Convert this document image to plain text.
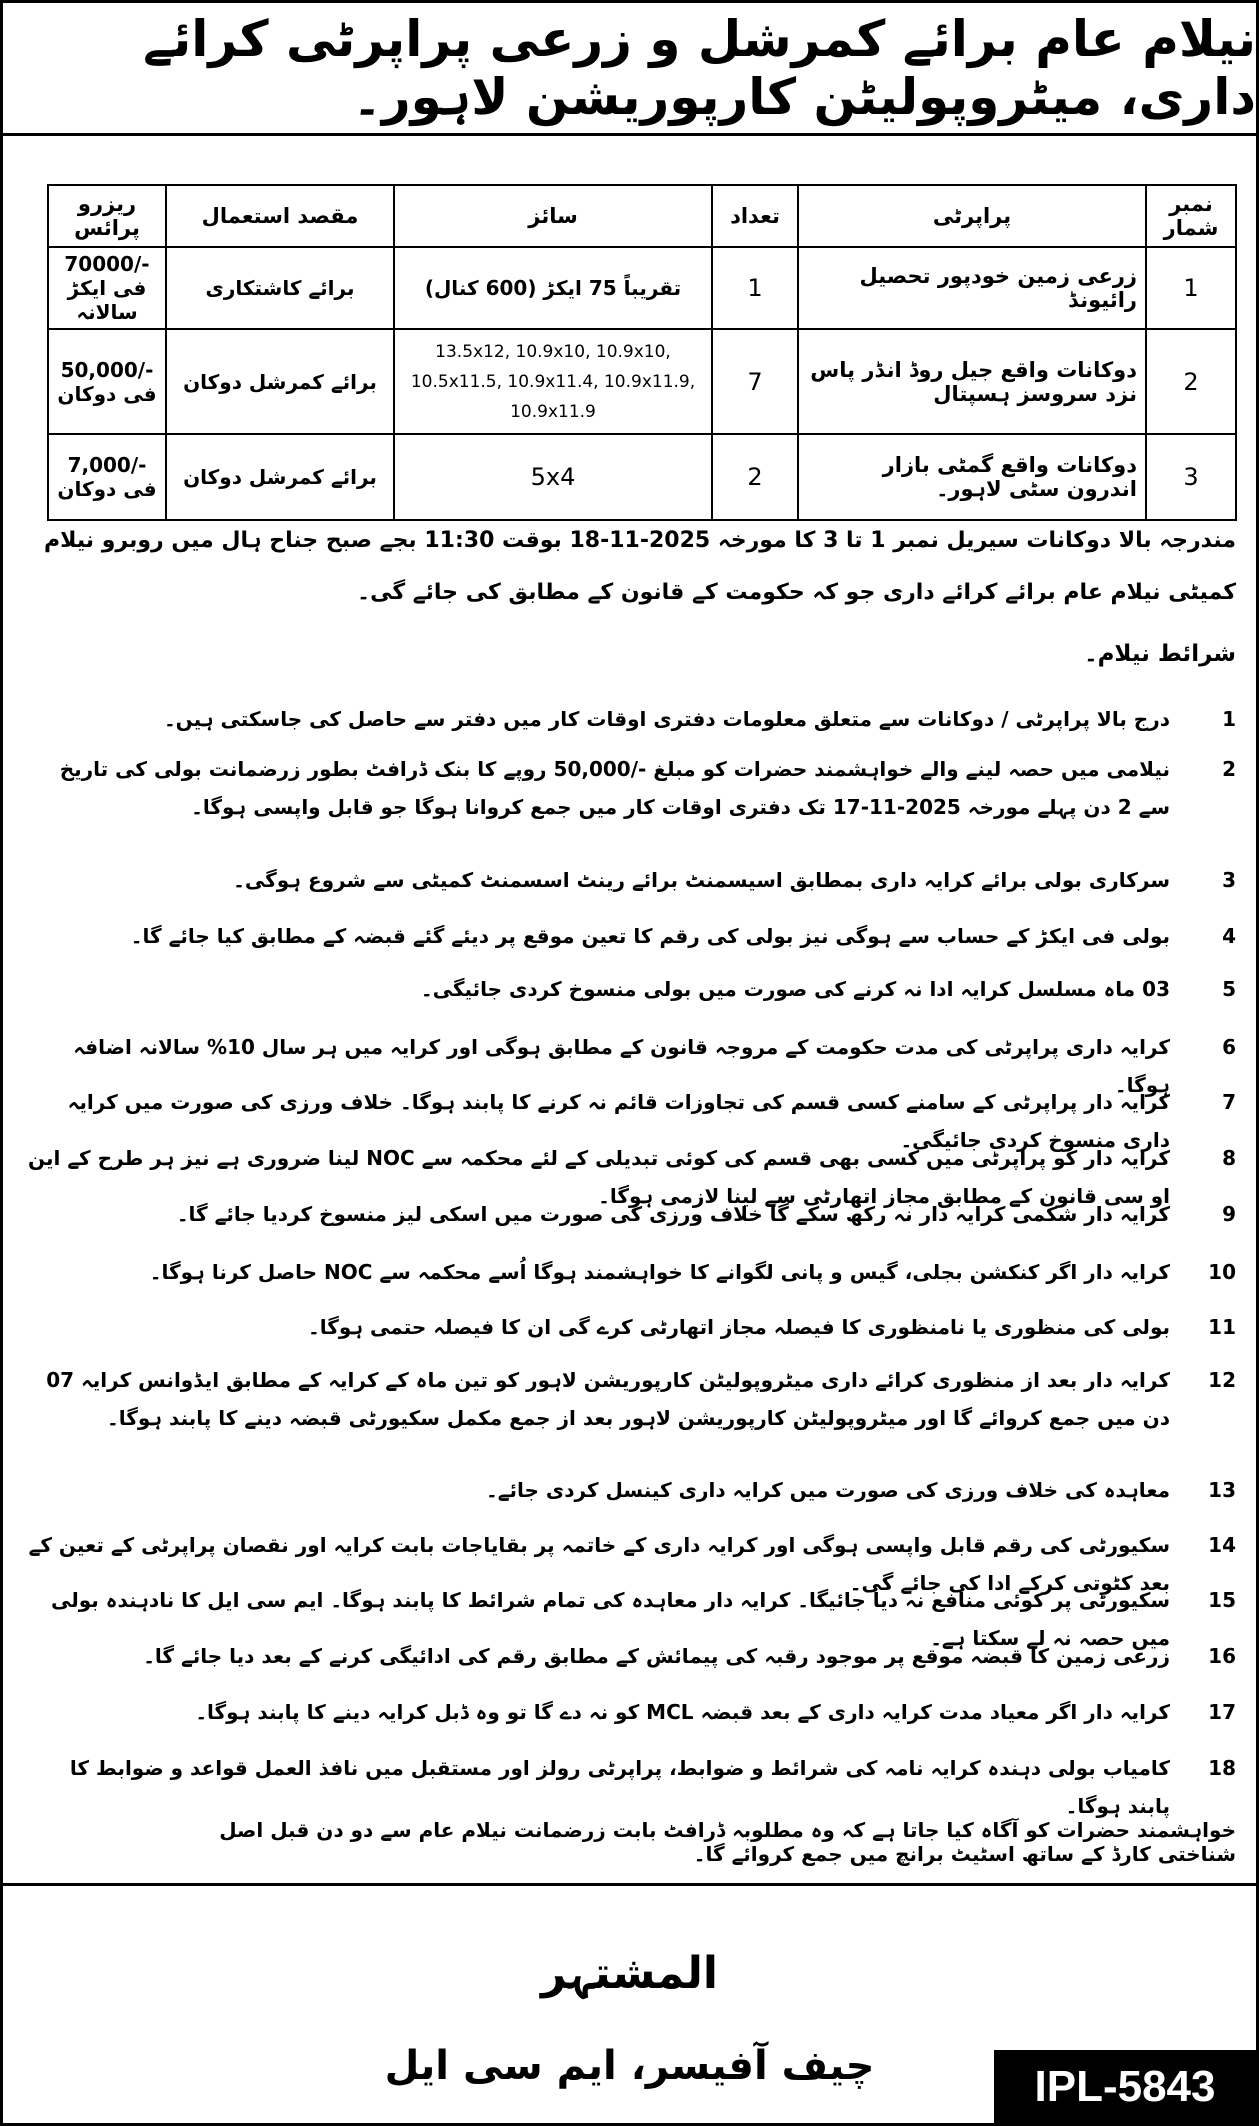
نیلام عام برائے کمرشل و زرعی پراپرٹی کرائے داری، میٹروپولیٹن کارپوریشن لاہور۔
نمبر شمار	پراپرٹی	تعداد	سائز	مقصد استعمال	ریزرو پرائس
1	زرعی زمین خودپور تحصیل رائیونڈ	1	تقریباً 75 ایکڑ (600 کنال)	برائے کاشتکاری	-/70000 فی ایکڑ سالانہ
2	دوکانات واقع جیل روڈ انڈر پاس نزد سروسز ہسپتال	7	13.5x12, 10.9x10, 10.9x10, 10.5x11.5, 10.9x11.4, 10.9x11.9, 10.9x11.9	برائے کمرشل دوکان	-/50,000 فی دوکان
3	دوکانات واقع گمٹی بازار اندرون سٹی لاہور۔	2	5x4	برائے کمرشل دوکان	-/7,000 فی دوکان
مندرجہ بالا دوکانات سیریل نمبر 1 تا 3 کا مورخہ 2025-11-18 بوقت 11:30 بجے صبح جناح ہال میں روبرو نیلام کمیٹی نیلام عام برائے کرائے داری جو کہ حکومت کے قانون کے مطابق کی جائے گی۔
شرائط نیلام۔
1
درج بالا پراپرٹی / دوکانات سے متعلق معلومات دفتری اوقات کار میں دفتر سے حاصل کی جاسکتی ہیں۔
2
نیلامی میں حصہ لینے والے خواہشمند حضرات کو مبلغ -/50,000 روپے کا بنک ڈرافٹ بطور زرضمانت بولی کی تاریخ سے 2 دن پہلے مورخہ 2025-11-17 تک دفتری اوقات کار میں جمع کروانا ہوگا جو قابل واپسی ہوگا۔
3
سرکاری بولی برائے کرایہ داری بمطابق اسیسمنٹ برائے رینٹ اسسمنٹ کمیٹی سے شروع ہوگی۔
4
بولی فی ایکڑ کے حساب سے ہوگی نیز بولی کی رقم کا تعین موقع پر دیئے گئے قبضہ کے مطابق کیا جائے گا۔
5
03 ماہ مسلسل کرایہ ادا نہ کرنے کی صورت میں بولی منسوخ کردی جائیگی۔
6
کرایہ داری پراپرٹی کی مدت حکومت کے مروجہ قانون کے مطابق ہوگی اور کرایہ میں ہر سال 10% سالانہ اضافہ ہوگا۔
7
کرایہ دار پراپرٹی کے سامنے کسی قسم کی تجاوزات قائم نہ کرنے کا پابند ہوگا۔ خلاف ورزی کی صورت میں کرایہ داری منسوخ کردی جائیگی۔
8
کرایہ دار کو پراپرٹی میں کسی بھی قسم کی کوئی تبدیلی کے لئے محکمہ سے NOC لینا ضروری ہے نیز ہر طرح کے این او سی قانون کے مطابق مجاز اتھارٹی سے لینا لازمی ہوگا۔
9
کرایہ دار شکمی کرایہ دار نہ رکھ سکے گا خلاف ورزی کی صورت میں اسکی لیز منسوخ کردیا جائے گا۔
10
کرایہ دار اگر کنکشن بجلی، گیس و پانی لگوانے کا خواہشمند ہوگا اُسے محکمہ سے NOC حاصل کرنا ہوگا۔
11
بولی کی منظوری یا نامنظوری کا فیصلہ مجاز اتھارٹی کرے گی ان کا فیصلہ حتمی ہوگا۔
12
کرایہ دار بعد از منظوری کرائے داری میٹروپولیٹن کارپوریشن لاہور کو تین ماہ کے کرایہ کے مطابق ایڈوانس کرایہ 07 دن میں جمع کروائے گا اور میٹروپولیٹن کارپوریشن لاہور بعد از جمع مکمل سکیورٹی قبضہ دینے کا پابند ہوگا۔
13
معاہدہ کی خلاف ورزی کی صورت میں کرایہ داری کینسل کردی جائے۔
14
سکیورٹی کی رقم قابل واپسی ہوگی اور کرایہ داری کے خاتمہ پر بقایاجات بابت کرایہ اور نقصان پراپرٹی کے تعین کے بعد کٹوتی کرکے ادا کی جائے گی۔
15
سکیورٹی پر کوئی منافع نہ دیا جائیگا۔ کرایہ دار معاہدہ کی تمام شرائط کا پابند ہوگا۔ ایم سی ایل کا نادہندہ بولی میں حصہ نہ لے سکتا ہے۔
16
زرعی زمین کا قبضہ موقع پر موجود رقبہ کی پیمائش کے مطابق رقم کی ادائیگی کرنے کے بعد دیا جائے گا۔
17
کرایہ دار اگر معیاد مدت کرایہ داری کے بعد قبضہ MCL کو نہ دے گا تو وہ ڈبل کرایہ دینے کا پابند ہوگا۔
18
کامیاب بولی دہندہ کرایہ نامہ کی شرائط و ضوابط، پراپرٹی رولز اور مستقبل میں نافذ العمل قواعد و ضوابط کا پابند ہوگا۔
خواہشمند حضرات کو آگاہ کیا جاتا ہے کہ وہ مطلوبہ ڈرافٹ بابت زرضمانت نیلام عام سے دو دن قبل اصل شناختی کارڈ کے ساتھ اسٹیٹ برانچ میں جمع کروائے گا۔
المشتہر
چیف آفیسر، ایم سی ایل	IPL-5843
